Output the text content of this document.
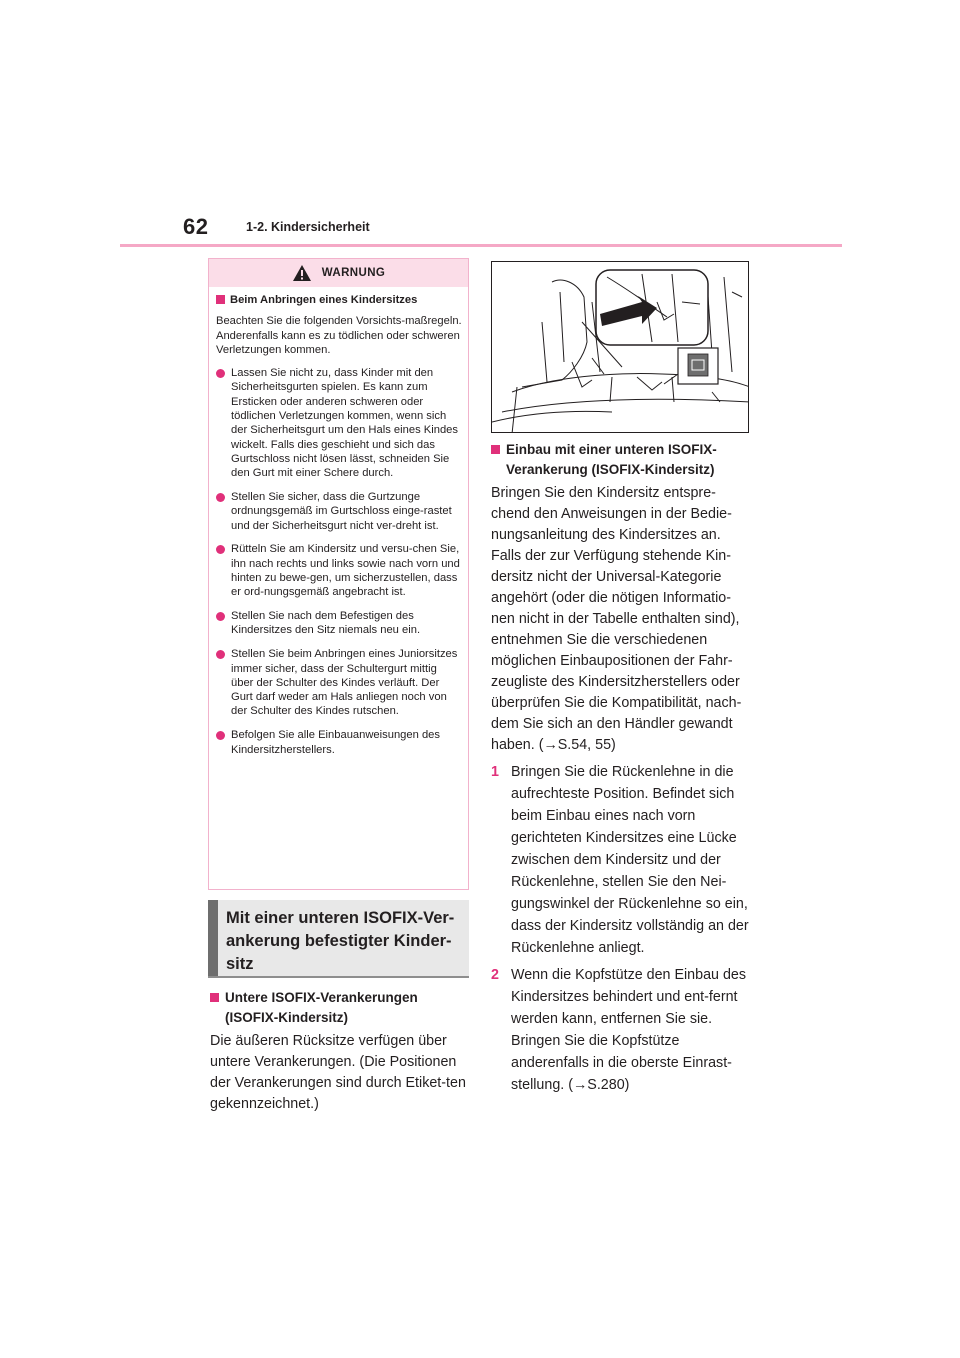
62	1-2. Kindersicherheit
WARNUNG
Beim Anbringen eines Kindersitzes
Beachten Sie die folgenden Vorsichts-maßregeln.
Anderenfalls kann es zu tödlichen oder schweren Verletzungen kommen.
Lassen Sie nicht zu, dass Kinder mit den Sicherheitsgurten spielen. Es kann zum Ersticken oder anderen schweren oder tödlichen Verletzungen kommen, wenn sich der Sicherheitsgurt um den Hals eines Kindes wickelt. Falls dies geschieht und sich das Gurtschloss nicht lösen lässt, schneiden Sie den Gurt mit einer Schere durch.
Stellen Sie sicher, dass die Gurtzunge ordnungsgemäß im Gurtschloss einge-rastet und der Sicherheitsgurt nicht ver-dreht ist.
Rütteln Sie am Kindersitz und versu-chen Sie, ihn nach rechts und links sowie nach vorn und hinten zu bewe-gen, um sicherzustellen, dass er ord-nungsgemäß angebracht ist.
Stellen Sie nach dem Befestigen des Kindersitzes den Sitz niemals neu ein.
Stellen Sie beim Anbringen eines Juniorsitzes immer sicher, dass der Schultergurt mittig über der Schulter des Kindes verläuft. Der Gurt darf weder am Hals anliegen noch von der Schulter des Kindes rutschen.
Befolgen Sie alle Einbauanweisungen des Kindersitzherstellers.
Mit einer unteren ISOFIX-Ver-ankerung befestigter Kinder-sitz
Untere ISOFIX-Verankerungen (ISOFIX-Kindersitz)
Die äußeren Rücksitze verfügen über untere Verankerungen. (Die Positionen der Verankerungen sind durch Etiket-ten gekennzeichnet.)
Einbau mit einer unteren ISOFIX-Verankerung (ISOFIX-Kindersitz)
Bringen Sie den Kindersitz entspre-chend den Anweisungen in der Bedie-nungsanleitung des Kindersitzes an. Falls der zur Verfügung stehende Kin-dersitz nicht der Universal-Kategorie angehört (oder die nötigen Informatio-nen nicht in der Tabelle enthalten sind), entnehmen Sie die verschiedenen möglichen Einbaupositionen der Fahr-zeugliste des Kindersitzherstellers oder überprüfen Sie die Kompatibilität, nach-dem Sie sich an den Händler gewandt haben. (→S.54, 55)
1 Bringen Sie die Rückenlehne in die aufrechteste Position. Befindet sich beim Einbau eines nach vorn gerichteten Kindersitzes eine Lücke zwischen dem Kindersitz und der Rückenlehne, stellen Sie den Nei-gungswinkel der Rückenlehne so ein, dass der Kindersitz vollständig an der Rückenlehne anliegt.
2 Wenn die Kopfstütze den Einbau des Kindersitzes behindert und ent-fernt werden kann, entfernen Sie sie. Bringen Sie die Kopfstütze anderenfalls in die oberste Einrast-stellung. (→S.280)
